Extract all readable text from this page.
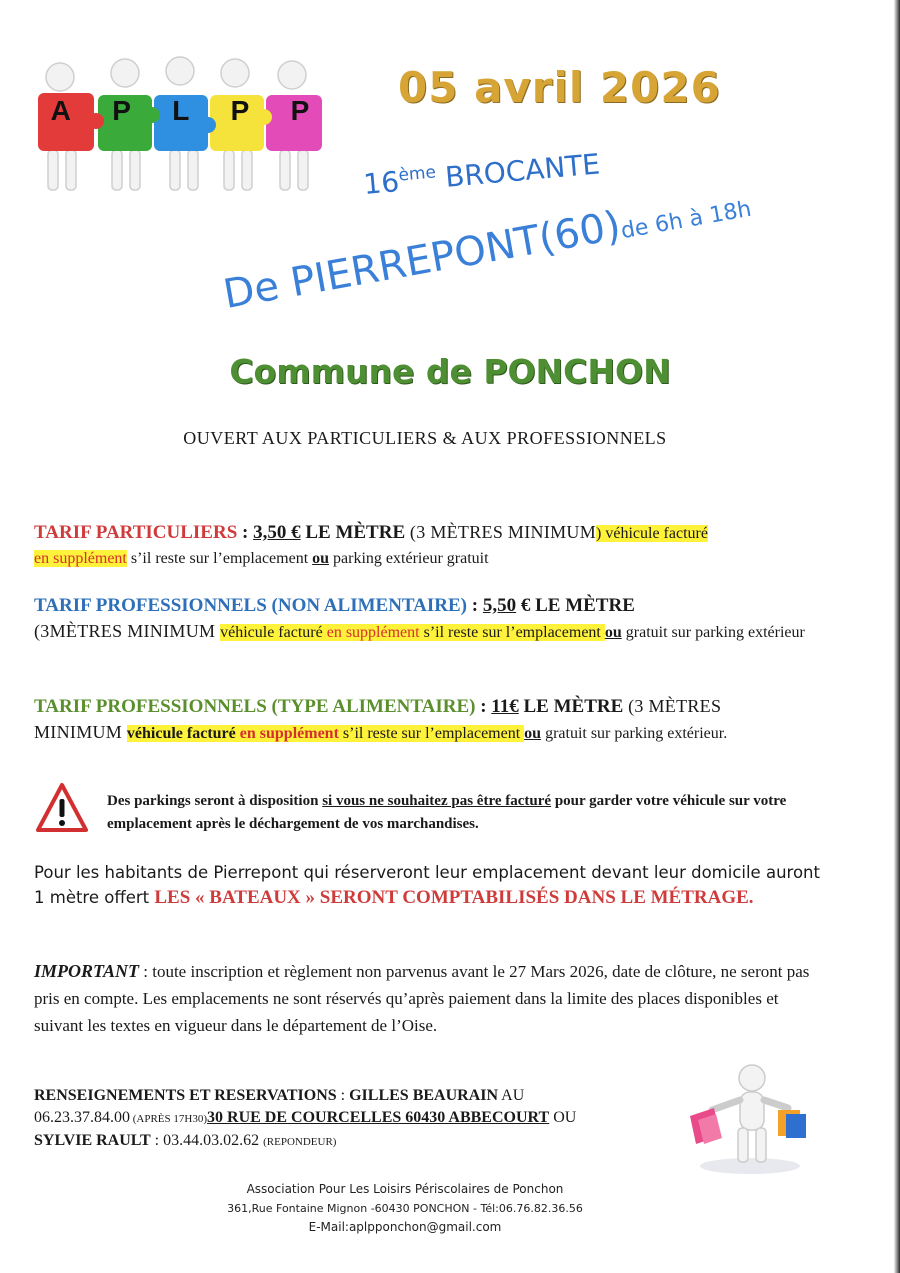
A P L P P 05 avril 2026
16ème BROCANTE
De PIERREPONT(60)de 6h à 18h
Commune de PONCHON
OUVERT AUX PARTICULIERS & AUX PROFESSIONNELS
TARIF PARTICULIERS : 3,50 € LE MÈTRE (3 MÈTRES MINIMUM) véhicule facturé
en supplément s’il reste sur l’emplacement ou parking extérieur gratuit
TARIF PROFESSIONNELS (NON ALIMENTAIRE) : 5,50 € LE MÈTRE
(3MÈTRES MINIMUM véhicule facturé en supplément s’il reste sur l’emplacement ou gratuit sur parking extérieur
TARIF PROFESSIONNELS (TYPE ALIMENTAIRE) : 11€ LE MÈTRE (3 MÈTRES MINIMUM véhicule facturé en supplément s’il reste sur l’emplacement ou gratuit sur parking extérieur.
Des parkings seront à disposition si vous ne souhaitez pas être facturé pour garder votre véhicule sur votre emplacement après le déchargement de vos marchandises.
Pour les habitants de Pierrepont qui réserveront leur emplacement devant leur domicile auront 1 mètre offert LES « BATEAUX » SERONT COMPTABILISÉS DANS LE MÉTRAGE.
IMPORTANT : toute inscription et règlement non parvenus avant le 27 Mars 2026, date de clôture, ne seront pas pris en compte. Les emplacements ne sont réservés qu’après paiement dans la limite des places disponibles et suivant les textes en vigueur dans le département de l’Oise.
RENSEIGNEMENTS ET RESERVATIONS : GILLES BEAURAIN AU
06.23.37.84.00 (APRÈS 17H30)30 RUE DE COURCELLES 60430 ABBECOURT OU
SYLVIE RAULT : 03.44.03.02.62 (REPONDEUR)
Association Pour Les Loisirs Périscolaires de Ponchon
361,Rue Fontaine Mignon -60430 PONCHON - Tél:06.76.82.36.56
E-Mail:aplpponchon@gmail.com
